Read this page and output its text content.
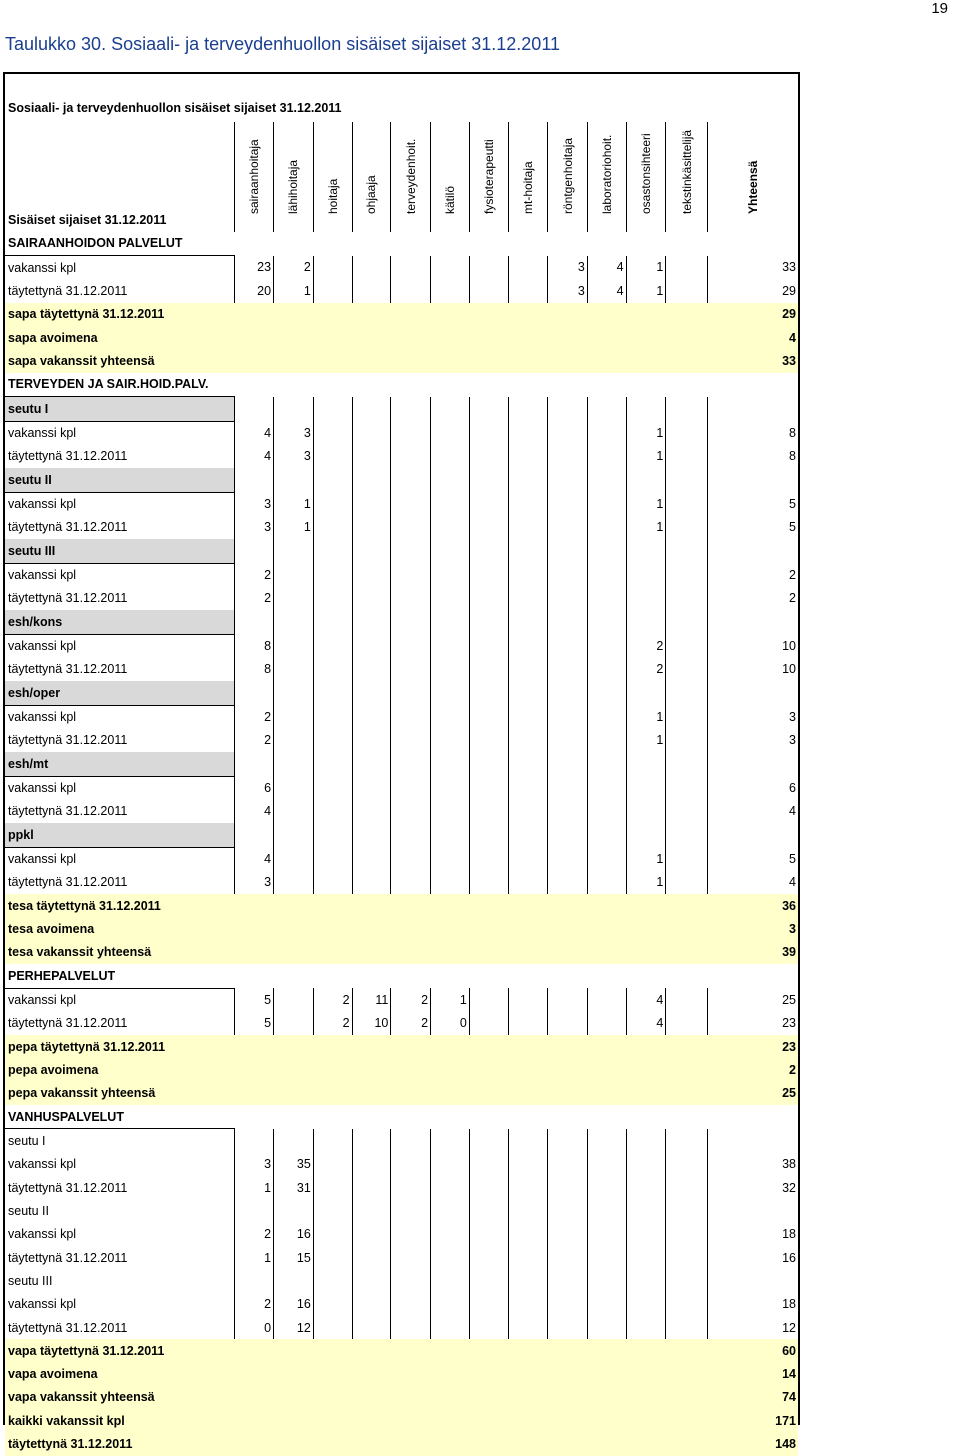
19
Taulukko 30. Sosiaali- ja terveydenhuollon sisäiset sijaiset 31.12.2011
Sosiaali- ja terveydenhuollon sisäiset sijaiset 31.12.2011													
Sisäiset sijaiset 31.12.2011	sairaanhoitaja	lähihoitaja	hoitaja	ohjaaja	terveydenhoit.	kätilö	fysioterapeutti	mt-hoitaja	röntgenhoitaja	laboratoriohoit.	osastonsihteeri	tekstinkäsittelijä	Yhteensä

SAIRAANHOIDON PALVELUT													
vakanssi kpl	23	2							3	4	1		33
täytettynä 31.12.2011	20	1							3	4	1		29
sapa täytettynä 31.12.2011													29
sapa avoimena													4
sapa vakanssit yhteensä													33
TERVEYDEN JA SAIR.HOID.PALV.													
seutu I													
vakanssi kpl	4	3									1		8
täytettynä 31.12.2011	4	3									1		8
seutu II													
vakanssi kpl	3	1									1		5
täytettynä 31.12.2011	3	1									1		5
seutu III													
vakanssi kpl	2												2
täytettynä 31.12.2011	2												2
esh/kons													
vakanssi kpl	8										2		10
täytettynä 31.12.2011	8										2		10
esh/oper													
vakanssi kpl	2										1		3
täytettynä 31.12.2011	2										1		3
esh/mt													
vakanssi kpl	6												6
täytettynä 31.12.2011	4												4
ppkl													
vakanssi kpl	4										1		5
täytettynä 31.12.2011	3										1		4
tesa täytettynä 31.12.2011													36
tesa avoimena													3
tesa vakanssit yhteensä													39
PERHEPALVELUT													
vakanssi kpl	5		2	11	2	1					4		25
täytettynä 31.12.2011	5		2	10	2	0					4		23
pepa täytettynä 31.12.2011													23
pepa avoimena													2
pepa vakanssit yhteensä													25
VANHUSPALVELUT													
seutu I													
vakanssi kpl	3	35											38
täytettynä 31.12.2011	1	31											32
seutu II													
vakanssi kpl	2	16											18
täytettynä 31.12.2011	1	15											16
seutu III													
vakanssi kpl	2	16											18
täytettynä 31.12.2011	0	12											12
vapa täytettynä 31.12.2011													60
vapa avoimena													14
vapa vakanssit yhteensä													74
kaikki vakanssit kpl													171
täytettynä 31.12.2011													148
